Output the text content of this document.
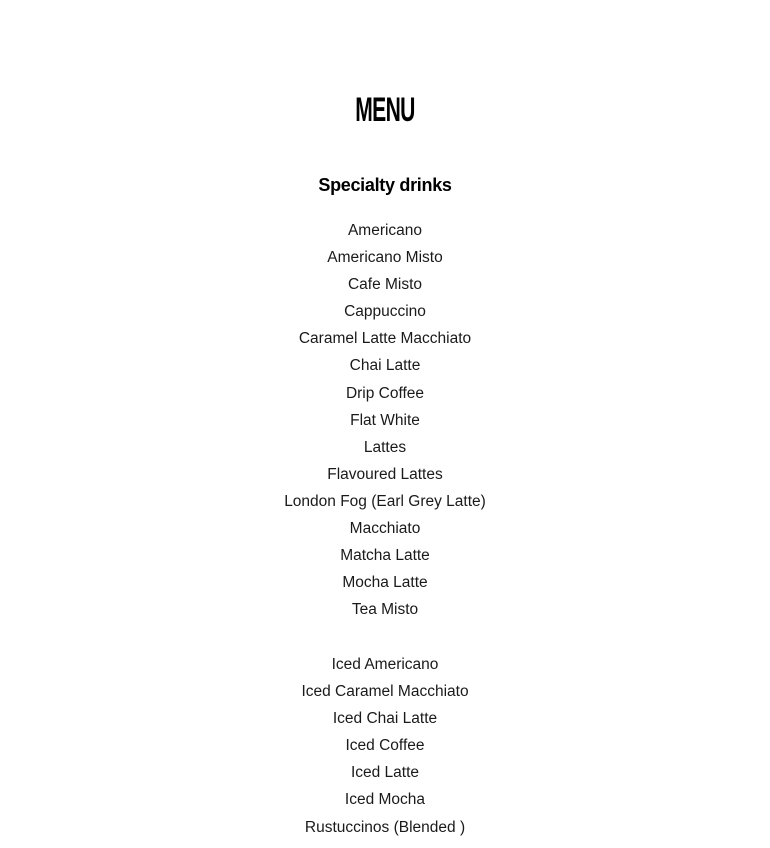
MENU
Specialty drinks
Americano
Americano Misto
Cafe Misto
Cappuccino
Caramel Latte Macchiato
Chai Latte
Drip Coffee
Flat White
Lattes
Flavoured Lattes
London Fog (Earl Grey Latte)
Macchiato
Matcha Latte
Mocha Latte
Tea Misto
Iced Americano
Iced Caramel Macchiato
Iced Chai Latte
Iced Coffee
Iced Latte
Iced Mocha
Rustuccinos (Blended )
